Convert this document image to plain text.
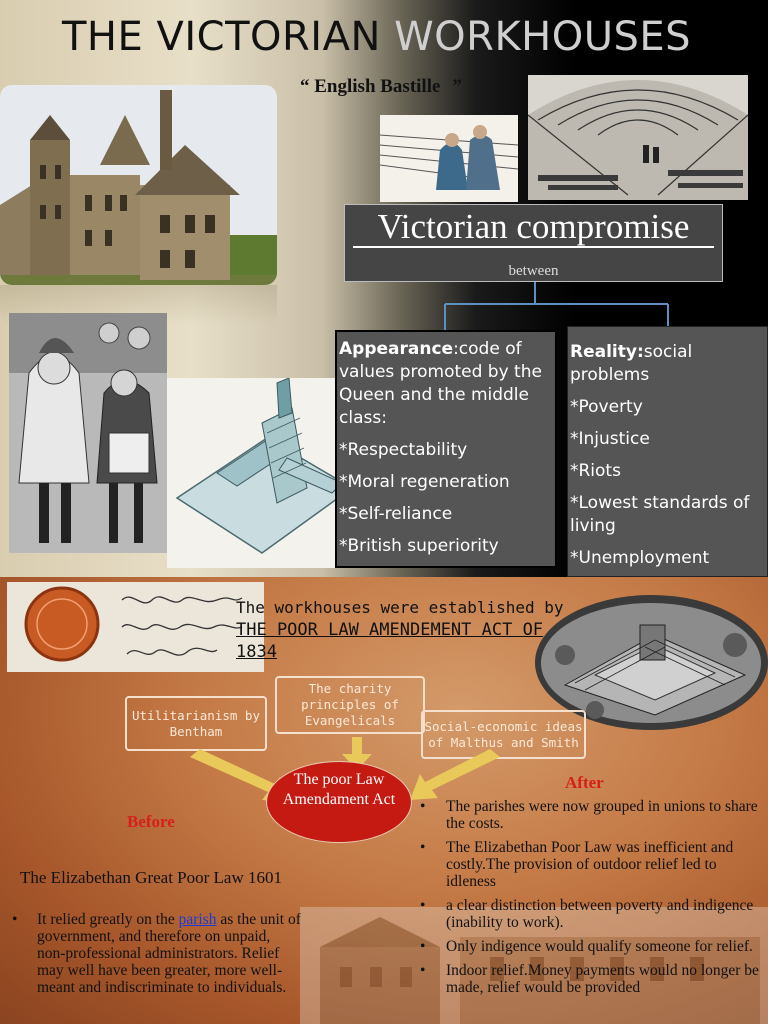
THE VICTORIAN WORKHOUSES
“ English Bastille ”
Victorian compromise
between
Appearance:code of values promoted by the Queen and the middle class:
*Respectability
*Moral regeneration
*Self-reliance
*British superiority
Reality:social problems
*Poverty
*Injustice
*Riots
*Lowest standards of living
*Unemployment
The workhouses were established by
THE POOR LAW AMENDEMENT ACT OF 1834
Utilitarianism by Bentham
The charity principles of Evangelicals	Social-economic ideas of Malthus and Smith
The poor Law Amendament Act
Before
After
The Elizabethan Great Poor Law 1601
• It relied greatly on the parish as the unit of government, and therefore on unpaid, non-professional administrators. Relief may well have been greater, more well-meant and indiscriminate to individuals.
• The parishes were now grouped in unions to share the costs.
• The Elizabethan Poor Law was inefficient and costly.The provision of outdoor relief led to idleness
• a clear distinction between poverty and indigence (inability to work).
• Only indigence would qualify someone for relief.
• Indoor relief.Money payments would no longer be made, relief would be provided
